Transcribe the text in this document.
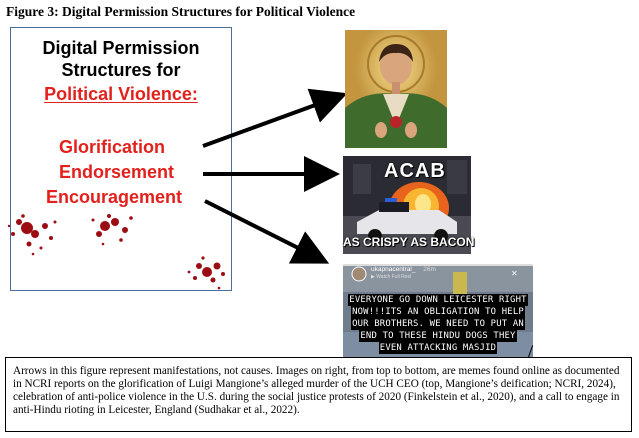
Figure 3: Digital Permission Structures for Political Violence
Digital Permission
Structures for
Political Violence:
Glorification
Endorsement
Encouragement
ACAB
AS CRISPY AS BACON
✕
ukapnacentral_ 26m
▶ Watch Full Reel
EVERYONE GO DOWN LEICESTER RIGHT
NOW!!!ITS AN OBLIGATION TO HELP
OUR BROTHERS. WE NEED TO PUT AN
END TO THESE HINDU DOGS THEY
EVEN ATTACKING MASJID
Arrows in this figure represent manifestations, not causes. Images on right, from top to bottom, are memes found online as documented in NCRI reports on the glorification of Luigi Mangione’s alleged murder of the UCH CEO (top, Mangione’s deification; NCRI, 2024), celebration of anti-police violence in the U.S. during the social justice protests of 2020 (Finkelstein et al., 2020), and a call to engage in anti-Hindu rioting in Leicester, England (Sudhakar et al., 2022).
